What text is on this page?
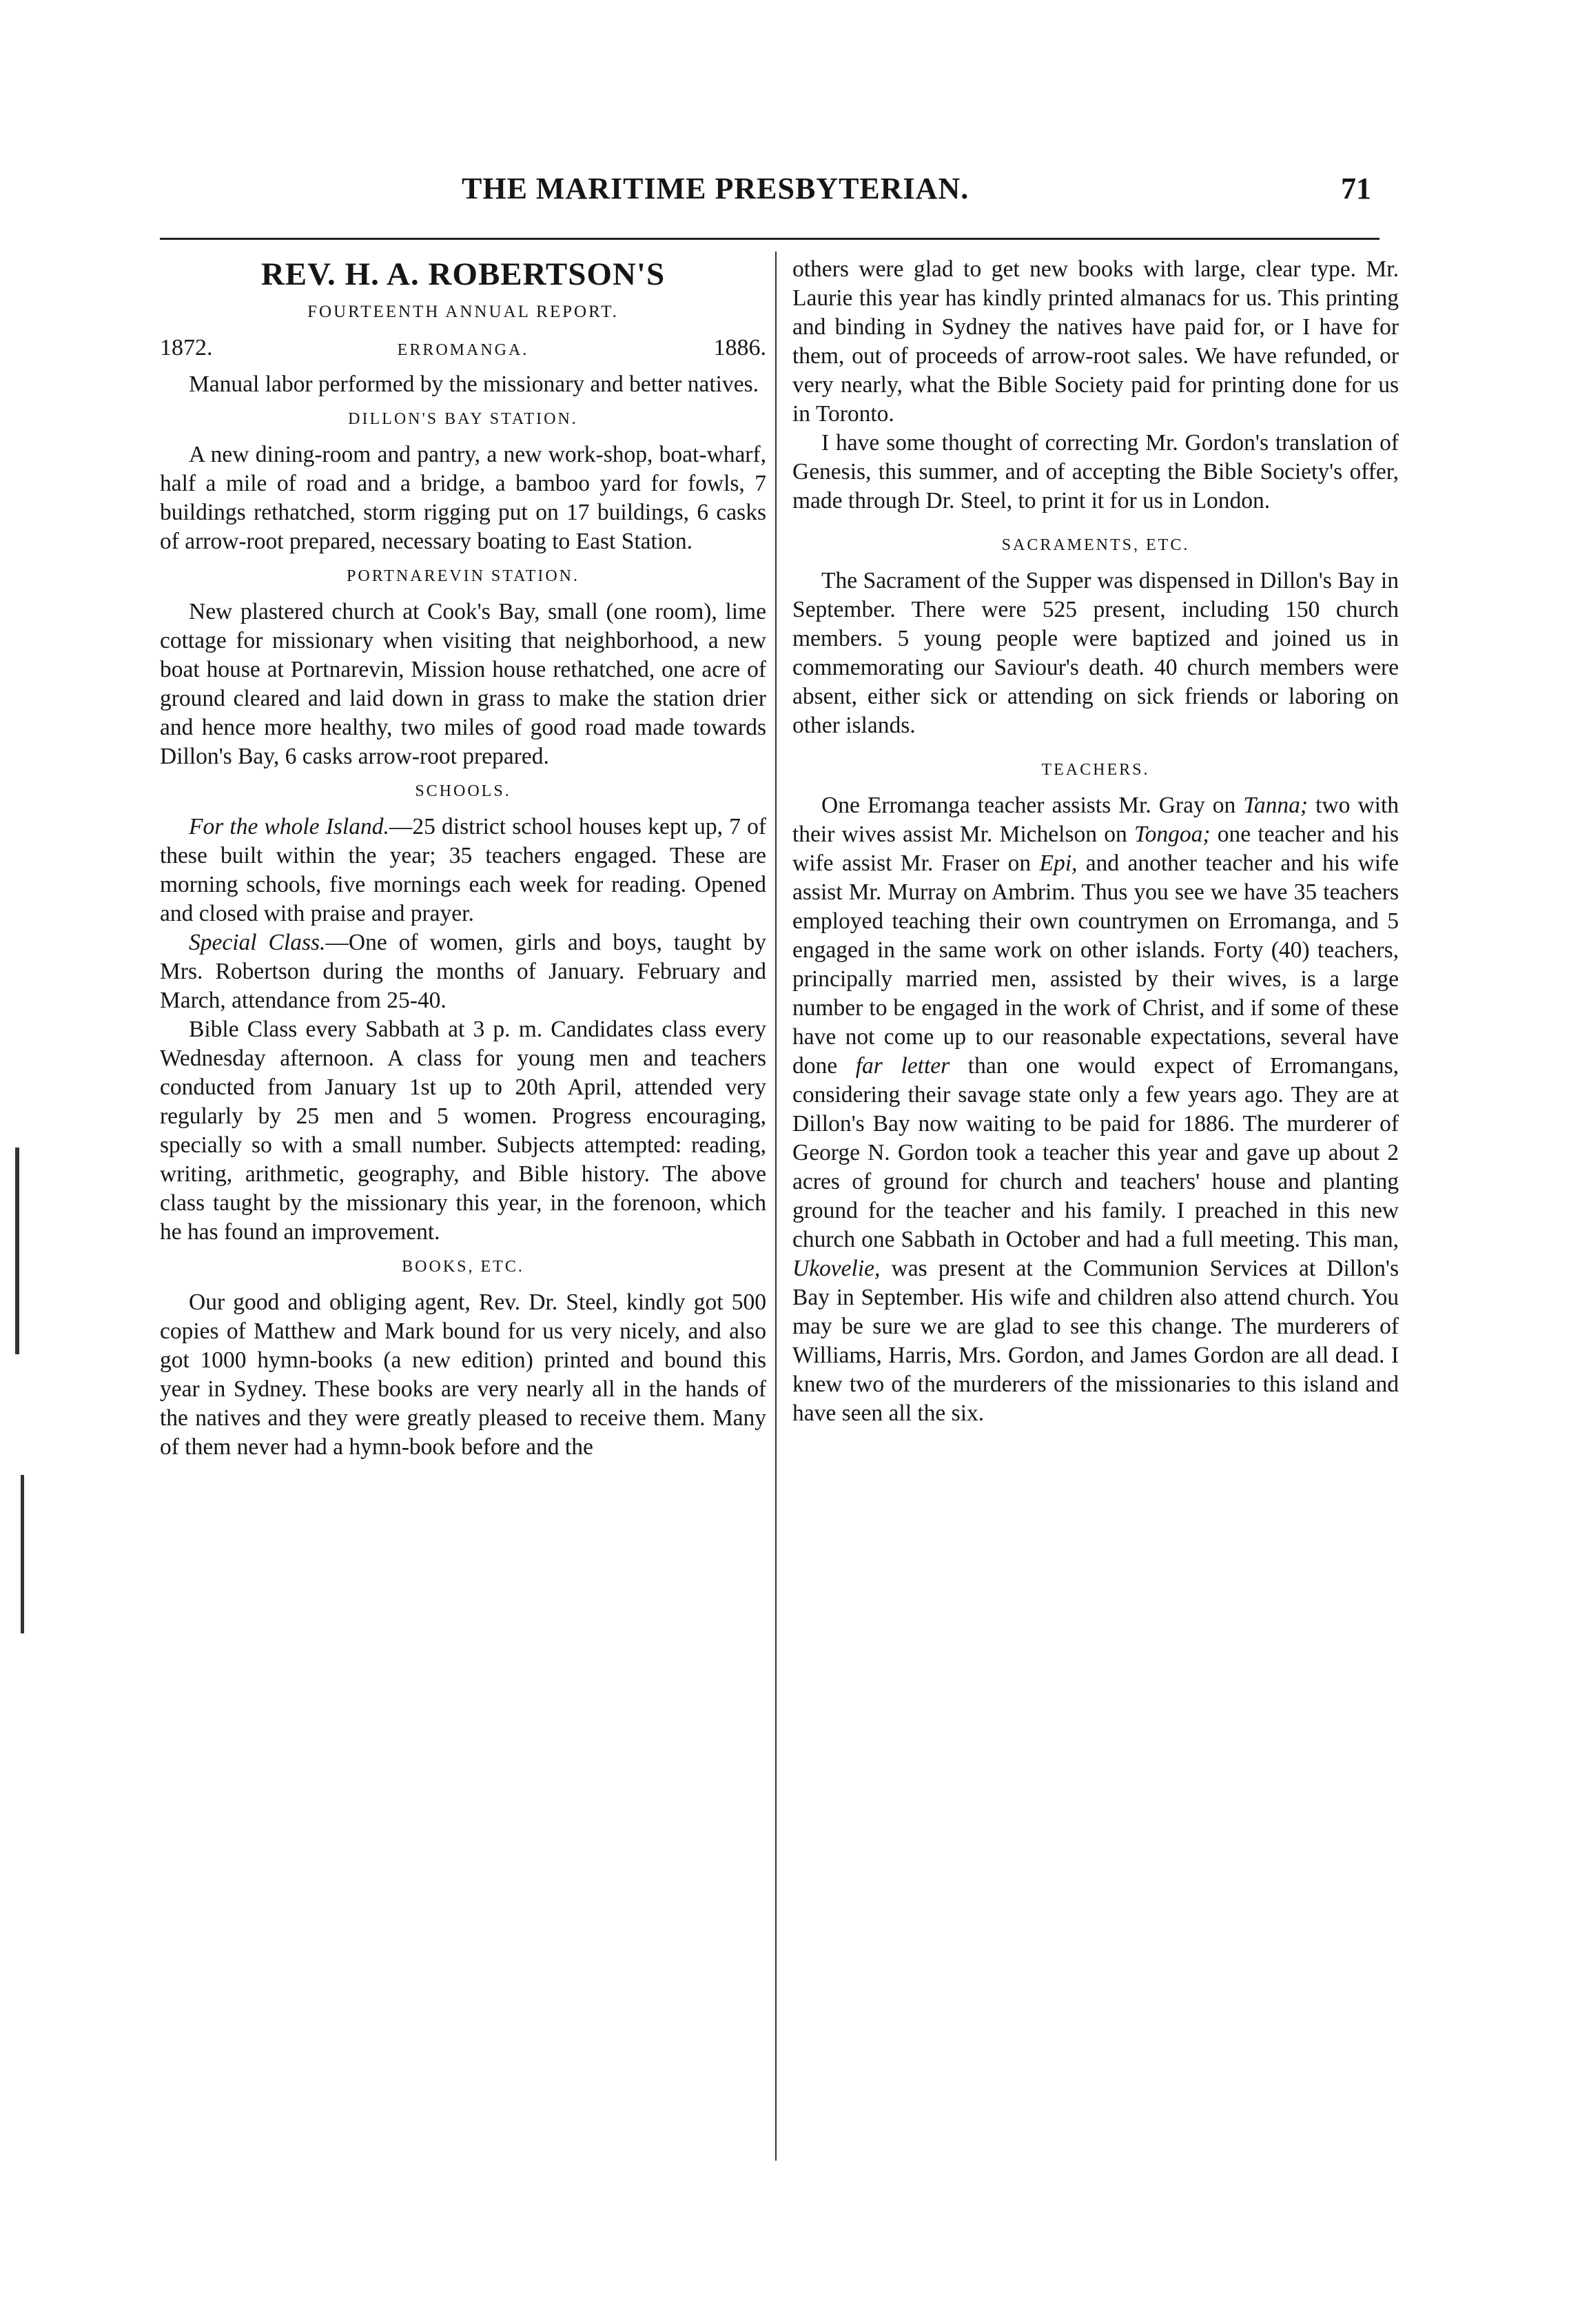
THE MARITIME PRESBYTERIAN.	71
REV. H. A. ROBERTSON'S
FOURTEENTH ANNUAL REPORT.
1872.	ERROMANGA.	1886.

Manual labor performed by the missionary and better natives.

DILLON'S BAY STATION.

A new dining-room and pantry, a new work-shop, boat-wharf, half a mile of road and a bridge, a bamboo yard for fowls, 7 buildings rethatched, storm rigging put on 17 buildings, 6 casks of arrow-root prepared, necessary boating to East Station.

PORTNAREVIN STATION.

New plastered church at Cook's Bay, small (one room), lime cottage for missionary when visiting that neighborhood, a new boat house at Portnarevin, Mission house rethatched, one acre of ground cleared and laid down in grass to make the station drier and hence more healthy, two miles of good road made towards Dillon's Bay, 6 casks arrow-root prepared.

SCHOOLS.

For the whole Island.—25 district school houses kept up, 7 of these built within the year; 35 teachers engaged. These are morning schools, five mornings each week for reading. Opened and closed with praise and prayer.

Special Class.—One of women, girls and boys, taught by Mrs. Robertson during the months of January. February and March, attendance from 25-40.

Bible Class every Sabbath at 3 p. m. Candidates class every Wednesday afternoon. A class for young men and teachers conducted from January 1st up to 20th April, attended very regularly by 25 men and 5 women. Progress encouraging, specially so with a small number. Subjects attempted: reading, writing, arithmetic, geography, and Bible history. The above class taught by the missionary this year, in the forenoon, which he has found an improvement.

BOOKS, ETC.

Our good and obliging agent, Rev. Dr. Steel, kindly got 500 copies of Matthew and Mark bound for us very nicely, and also got 1000 hymn-books (a new edition) printed and bound this year in Sydney. These books are very nearly all in the hands of the natives and they were greatly pleased to receive them. Many of them never had a hymn-book before and the

others were glad to get new books with large, clear type. Mr. Laurie this year has kindly printed almanacs for us. This printing and binding in Sydney the natives have paid for, or I have for them, out of proceeds of arrow-root sales. We have refunded, or very nearly, what the Bible Society paid for printing done for us in Toronto.

I have some thought of correcting Mr. Gordon's translation of Genesis, this summer, and of accepting the Bible Society's offer, made through Dr. Steel, to print it for us in London.

SACRAMENTS, ETC.

The Sacrament of the Supper was dispensed in Dillon's Bay in September. There were 525 present, including 150 church members. 5 young people were baptized and joined us in commemorating our Saviour's death. 40 church members were absent, either sick or attending on sick friends or laboring on other islands.

TEACHERS.

One Erromanga teacher assists Mr. Gray on Tanna; two with their wives assist Mr. Michelson on Tongoa; one teacher and his wife assist Mr. Fraser on Epi, and another teacher and his wife assist Mr. Murray on Ambrim. Thus you see we have 35 teachers employed teaching their own countrymen on Erromanga, and 5 engaged in the same work on other islands. Forty (40) teachers, principally married men, assisted by their wives, is a large number to be engaged in the work of Christ, and if some of these have not come up to our reasonable expectations, several have done far letter than one would expect of Erromangans, considering their savage state only a few years ago. They are at Dillon's Bay now waiting to be paid for 1886. The murderer of George N. Gordon took a teacher this year and gave up about 2 acres of ground for church and teachers' house and planting ground for the teacher and his family. I preached in this new church one Sabbath in October and had a full meeting. This man, Ukovelie, was present at the Communion Services at Dillon's Bay in September. His wife and children also attend church. You may be sure we are glad to see this change. The murderers of Williams, Harris, Mrs. Gordon, and James Gordon are all dead. I knew two of the murderers of the missionaries to this island and have seen all the six.
